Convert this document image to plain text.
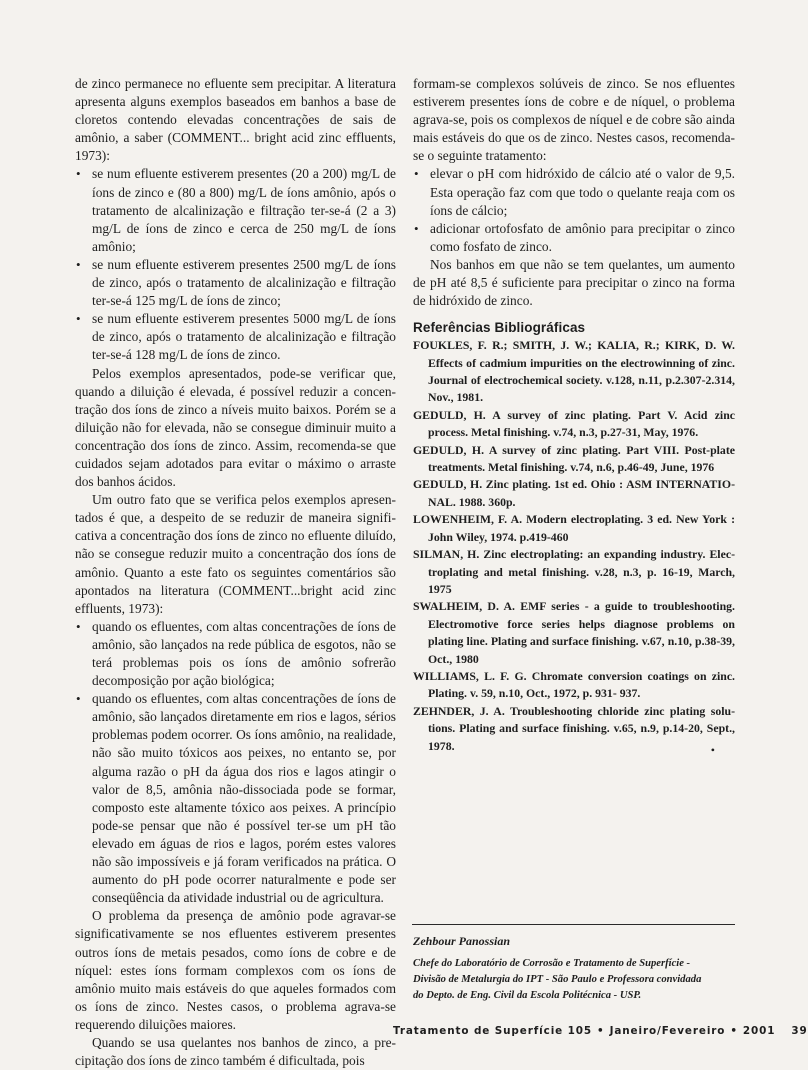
de zinco permanece no efluente sem precipitar. A literatura apresenta alguns exemplos baseados em banhos a base de cloretos contendo elevadas concentrações de sais de amônio, a saber (COMMENT... bright acid zinc effluents, 1973):

• se num efluente estiverem presentes (20 a 200) mg/L de íons de zinco e (80 a 800) mg/L de íons amônio, após o tratamento de alcalinização e filtração ter-se-á (2 a 3) mg/L de íons de zinco e cerca de 250 mg/L de íons amônio;
• se num efluente estiverem presentes 2500 mg/L de íons de zinco, após o tratamento de alcalinização e filtração ter-se-á 125 mg/L de íons de zinco;
• se num efluente estiverem presentes 5000 mg/L de íons de zinco, após o tratamento de alcalinização e filtração ter-se-á 128 mg/L de íons de zinco.

Pelos exemplos apresentados, pode-se verificar que, quando a diluição é elevada, é possível reduzir a concentração dos íons de zinco a níveis muito baixos. Porém se a diluição não for elevada, não se consegue diminuir muito a concentração dos íons de zinco. Assim, recomenda-se que cuidados sejam adotados para evitar o máximo o arraste dos banhos ácidos.

Um outro fato que se verifica pelos exemplos apresentados é que, a despeito de se reduzir de maneira significativa a concentração dos íons de zinco no efluente diluído, não se consegue reduzir muito a concentração dos íons de amônio. Quanto a este fato os seguintes comentários são apontados na literatura (COMMENT...bright acid zinc effluents, 1973):

• quando os efluentes, com altas concentrações de íons de amônio, são lançados na rede pública de esgotos, não se terá problemas pois os íons de amônio sofrerão decomposição por ação biológica;
• quando os efluentes, com altas concentrações de íons de amônio, são lançados diretamente em rios e lagos, sérios problemas podem ocorrer. Os íons amônio, na realidade, não são muito tóxicos aos peixes, no entanto se, por alguma razão o pH da água dos rios e lagos atingir o valor de 8,5, amônia não-dissociada pode se formar, composto este altamente tóxico aos peixes. A princípio pode-se pensar que não é possível ter-se um pH tão elevado em águas de rios e lagos, porém estes valores não são impossíveis e já foram verificados na prática. O aumento do pH pode ocorrer naturalmente e pode ser conseqüência da atividade industrial ou de agricultura.

O problema da presença de amônio pode agravar-se significativamente se nos efluentes estiverem presentes outros íons de metais pesados, como íons de cobre e de níquel: estes íons formam complexos com os íons de amônio muito mais estáveis do que aqueles formados com os íons de zinco. Nestes casos, o problema agrava-se requerendo diluições maiores.

Quando se usa quelantes nos banhos de zinco, a precipitação dos íons de zinco também é dificultada, pois

formam-se complexos solúveis de zinco. Se nos efluentes estiverem presentes íons de cobre e de níquel, o problema agrava-se, pois os complexos de níquel e de cobre são ainda mais estáveis do que os de zinco. Nestes casos, recomenda-se o seguinte tratamento:

• elevar o pH com hidróxido de cálcio até o valor de 9,5. Esta operação faz com que todo o quelante reaja com os íons de cálcio;
• adicionar ortofosfato de amônio para precipitar o zinco como fosfato de zinco.

Nos banhos em que não se tem quelantes, um aumento de pH até 8,5 é suficiente para precipitar o zinco na forma de hidróxido de zinco.

Referências Bibliográficas

FOUKLES, F. R.; SMITH, J. W.; KALIA, R.; KIRK, D. W. Effects of cadmium impurities on the electrowinning of zinc. Journal of electrochemical society. v.128, n.11, p.2.307-2.314, Nov., 1981.

GEDULD, H. A survey of zinc plating. Part V. Acid zinc process. Metal finishing. v.74, n.3, p.27-31, May, 1976.

GEDULD, H. A survey of zinc plating. Part VIII. Post-plate treatments. Metal finishing. v.74, n.6, p.46-49, June, 1976

GEDULD, H. Zinc plating. 1st ed. Ohio : ASM INTERNATIONAL. 1988. 360p.

LOWENHEIM, F. A. Modern electroplating. 3 ed. New York : John Wiley, 1974. p.419-460

SILMAN, H. Zinc electroplating: an expanding industry. Electroplating and metal finishing. v.28, n.3, p. 16-19, March, 1975

SWALHEIM, D. A. EMF series - a guide to troubleshooting. Electromotive force series helps diagnose problems on plating line. Plating and surface finishing. v.67, n.10, p.38-39, Oct., 1980

WILLIAMS, L. F. G. Chromate conversion coatings on zinc. Plating. v. 59, n.10, Oct., 1972, p. 931- 937.

ZEHNDER, J. A. Troubleshooting chloride zinc plating solutions. Plating and surface finishing. v.65, n.9, p.14-20, Sept., 1978.	•

Zehbour Panossian

Chefe do Laboratório de Corrosão e Tratamento de Superfície -

Divisão de Metalurgia do IPT - São Paulo e Professora convidada

do Depto. de Eng. Civil da Escola Politécnica - USP.

Tratamento de Superfície 105 • Janeiro/Fevereiro • 2001 39
